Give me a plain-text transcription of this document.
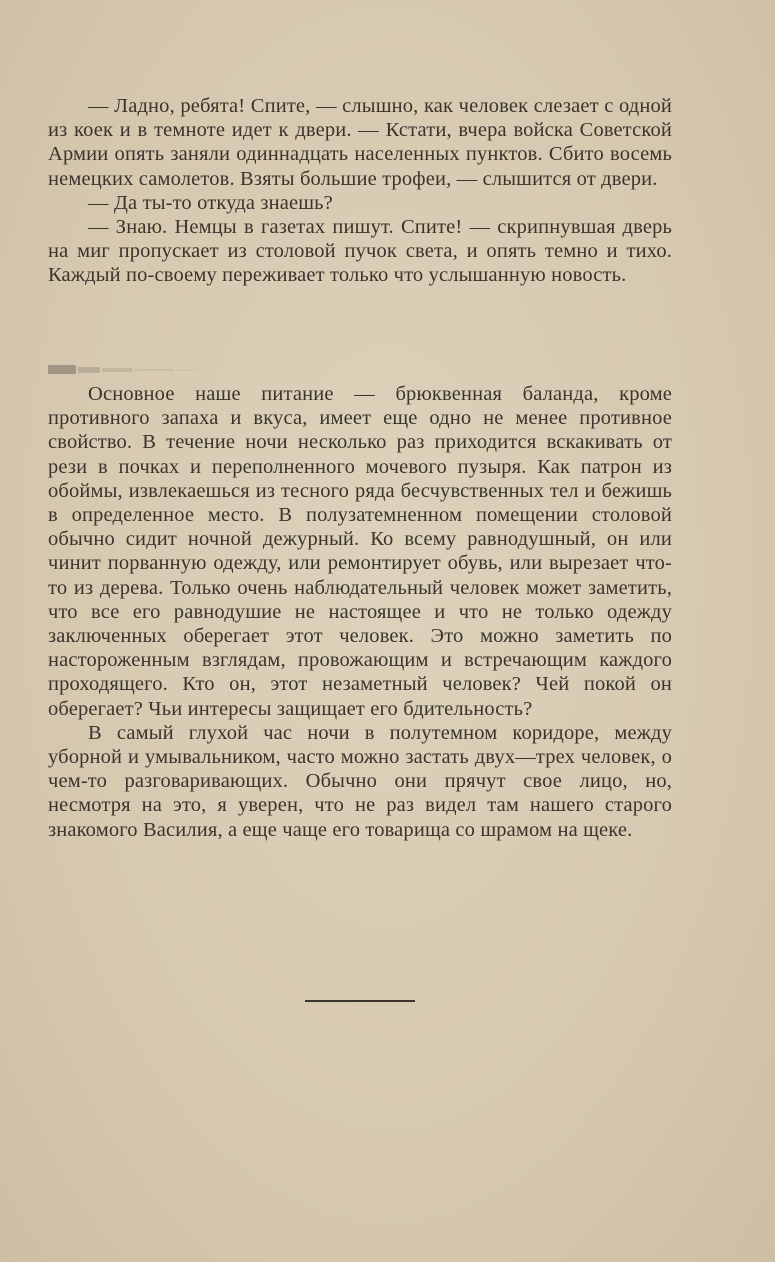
— Ладно, ребята! Спите, — слышно, как человек слезает с одной из коек и в темноте идет к двери. — Кстати, вчера войска Советской Армии опять заняли одиннадцать населенных пунктов. Сбито восемь немецких самолетов. Взяты большие трофеи, — слышится от двери.

— Да ты-то откуда знаешь?

— Знаю. Немцы в газетах пишут. Спите! — скрипнувшая дверь на миг пропускает из столовой пучок света, и опять темно и тихо. Каждый по-своему переживает только что услышанную новость.

Основное наше питание — брюквенная баланда, кроме противного запаха и вкуса, имеет еще одно не менее противное свойство. В течение ночи несколько раз приходится вскакивать от рези в почках и переполненного мочевого пузыря. Как патрон из обоймы, извлекаешься из тесного ряда бесчувственных тел и бежишь в определенное место. В полузатемненном помещении столовой обычно сидит ночной дежурный. Ко всему равнодушный, он или чинит порванную одежду, или ремонтирует обувь, или вырезает что-то из дерева. Только очень наблюдательный человек может заметить, что все его равнодушие не настоящее и что не только одежду заключенных оберегает этот человек. Это можно заметить по настороженным взглядам, провожающим и встречающим каждого проходящего. Кто он, этот незаметный человек? Чей покой он оберегает? Чьи интересы защищает его бдительность?

В самый глухой час ночи в полутемном коридоре, между уборной и умывальником, часто можно застать двух—трех человек, о чем-то разговаривающих. Обычно они прячут свое лицо, но, несмотря на это, я уверен, что не раз видел там нашего старого знакомого Василия, а еще чаще его товарища со шрамом на щеке.
